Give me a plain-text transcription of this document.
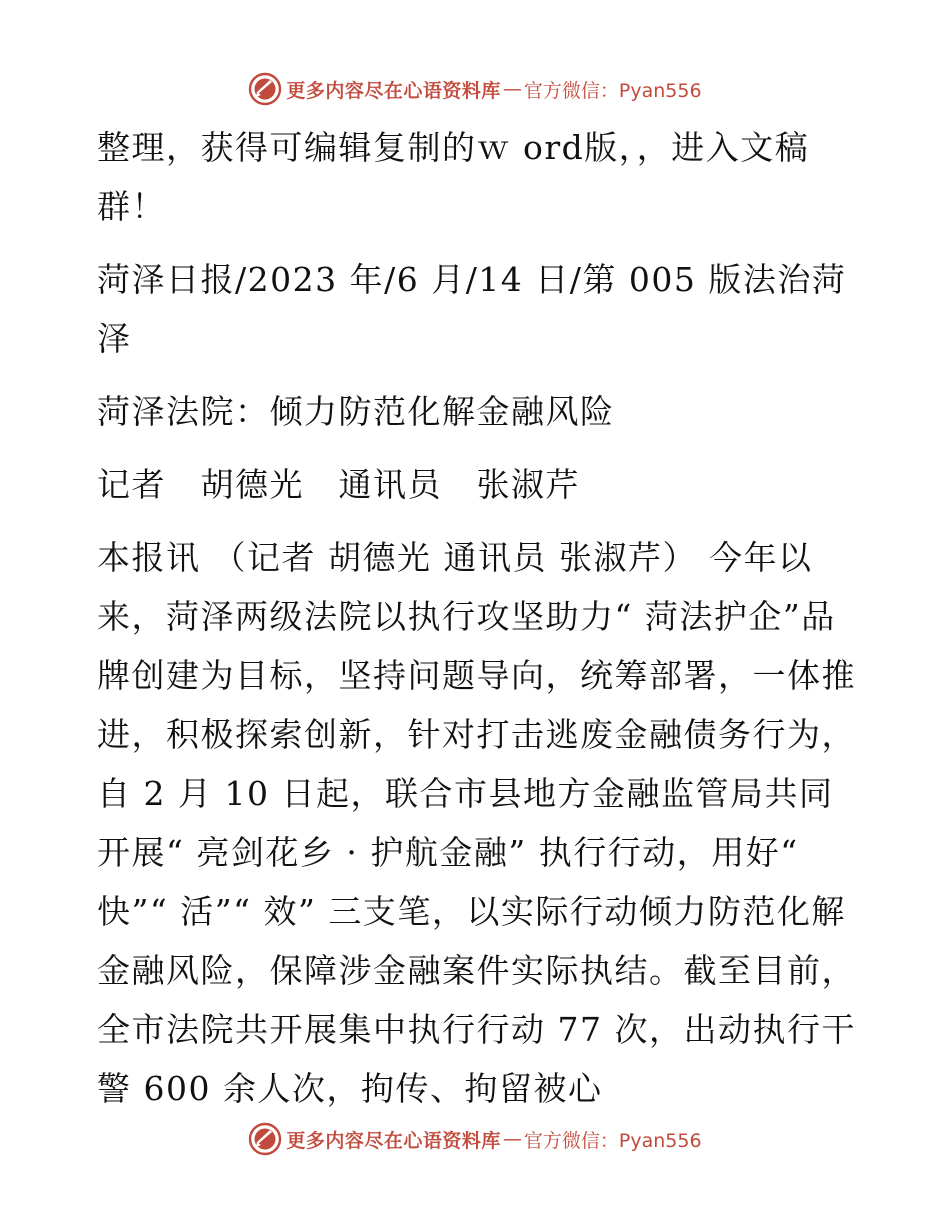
更多内容尽在心语资料库 — 官方微信：Pyan556

整理，获得可编辑复制的ｗ ord版，，进入文稿群！

菏泽日报/2023 年/6 月/14 日/第 005 版法治菏泽

菏泽法院：倾力防范化解金融风险

记者　胡德光　通讯员　张淑芹

本报讯 （记者 胡德光 通讯员 张淑芹） 今年以来，菏泽两级法院以执行攻坚助力“ 菏法护企”品牌创建为目标，坚持问题导向，统筹部署，一体推进，积极探索创新，针对打击逃废金融债务行为，自 2 月 10 日起，联合市县地方金融监管局共同开展“ 亮剑花乡 · 护航金融” 执行行动，用好“ 快”“ 活”“ 效” 三支笔，以实际行动倾力防范化解金融风险，保障涉金融案件实际执结。截至目前，全市法院共开展集中执行行动 77 次，出动执行干警 600 余人次，拘传、拘留被心

更多内容尽在心语资料库 — 官方微信：Pyan556
